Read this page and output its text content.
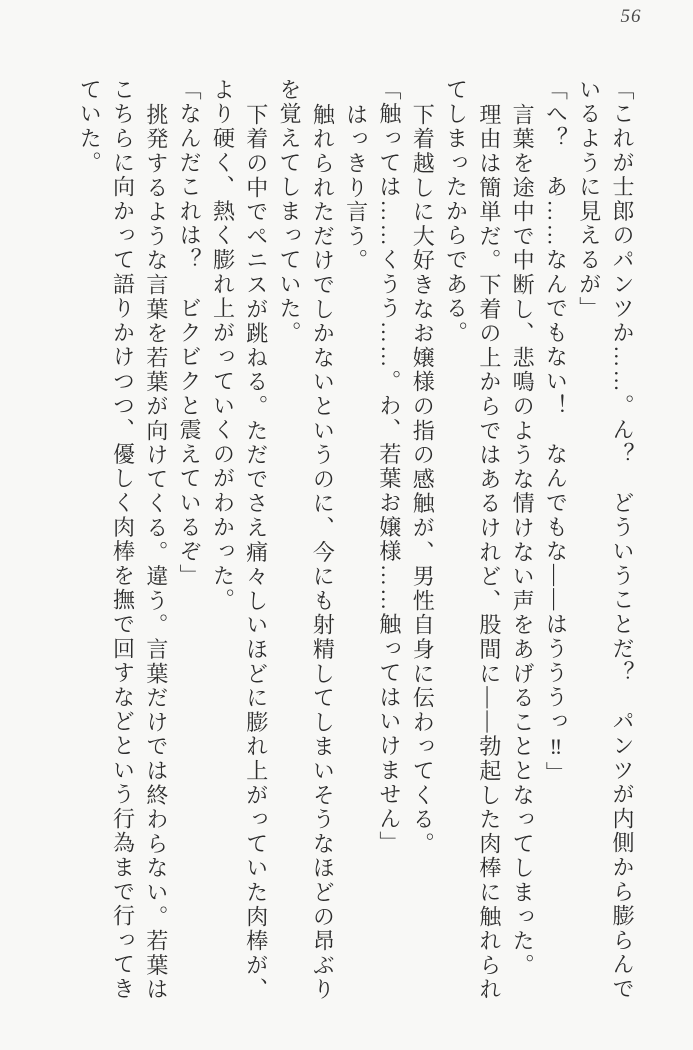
56
「これが士郎のパンツか……。ん？　どういうことだ？　パンツが内側から膨らんで
いるように見えるが」
「へ？　あ……なんでもない！　なんでもな――はうううっ‼」
言葉を途中で中断し、悲鳴のような情けない声をあげることとなってしまった。
理由は簡単だ。下着の上からではあるけれど、股間に――勃起した肉棒に触れられ
てしまったからである。
下着越しに大好きなお嬢様の指の感触が、男性自身に伝わってくる。
「触っては……くうう……。わ、若葉お嬢様……触ってはいけません」
はっきり言う。
触れられただけでしかないというのに、今にも射精してしまいそうなほどの昂ぶり
を覚えてしまっていた。
下着の中でペニスが跳ねる。ただでさえ痛々しいほどに膨れ上がっていた肉棒が、
より硬く、熱く膨れ上がっていくのがわかった。
「なんだこれは？　ビクビクと震えているぞ」
挑発するような言葉を若葉が向けてくる。違う。言葉だけでは終わらない。若葉は
こちらに向かって語りかけつつ、優しく肉棒を撫で回すなどという行為まで行ってき
ていた。
